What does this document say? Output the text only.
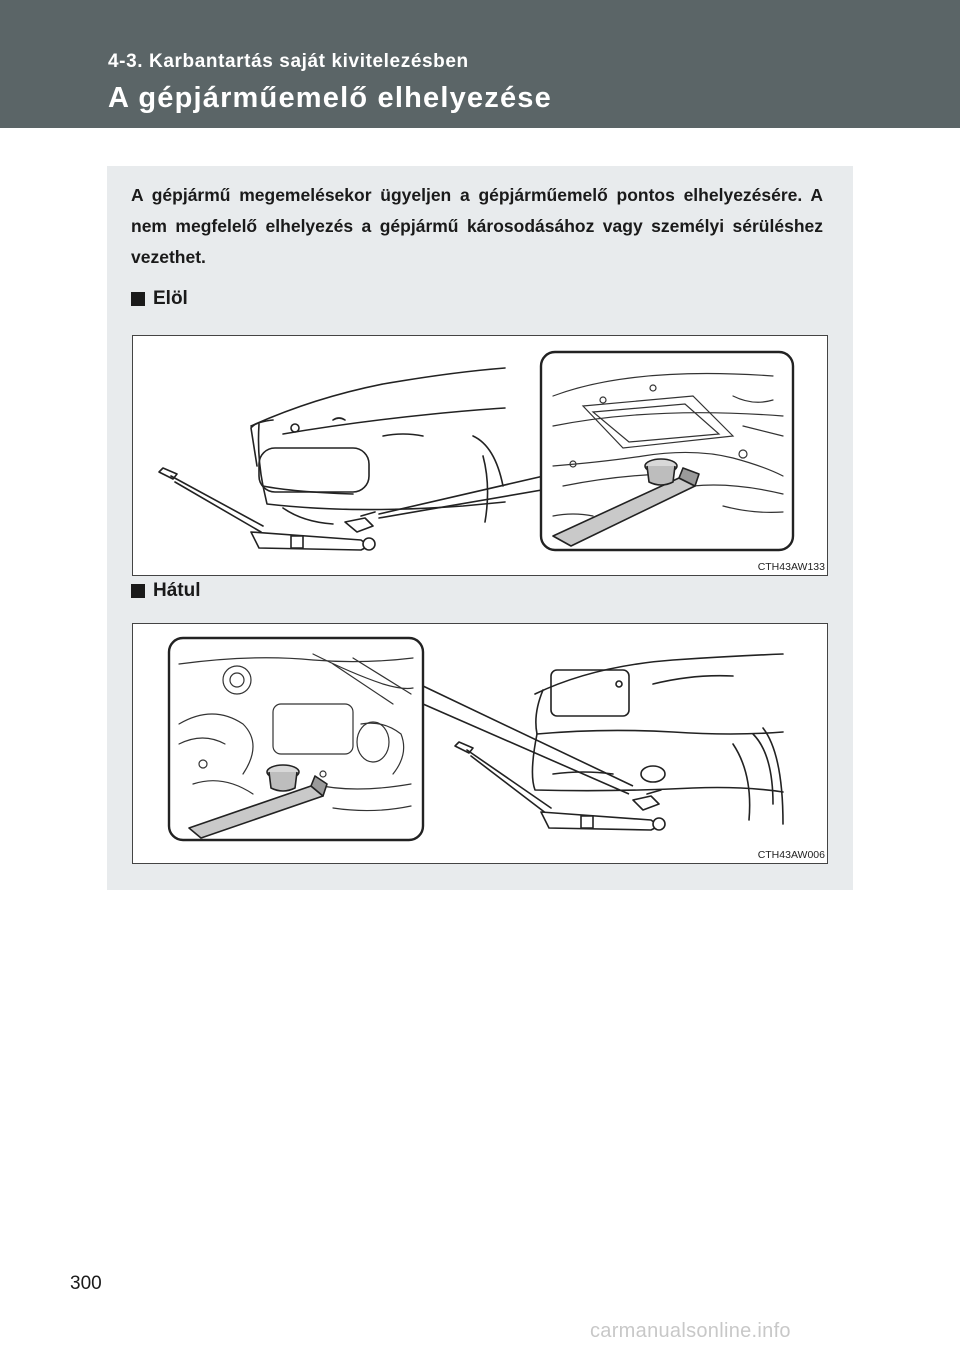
4-3. Karbantartás saját kivitelezésben
A gépjárműemelő elhelyezése

A gépjármű megemelésekor ügyeljen a gépjárműemelő pontos elhelyezésére. A nem megfelelő elhelyezés a gépjármű károsodásához vagy személyi sérüléshez vezethet.

Elöl
CTH43AW133
Hátul
CTH43AW006
300
carmanualsonline.info
